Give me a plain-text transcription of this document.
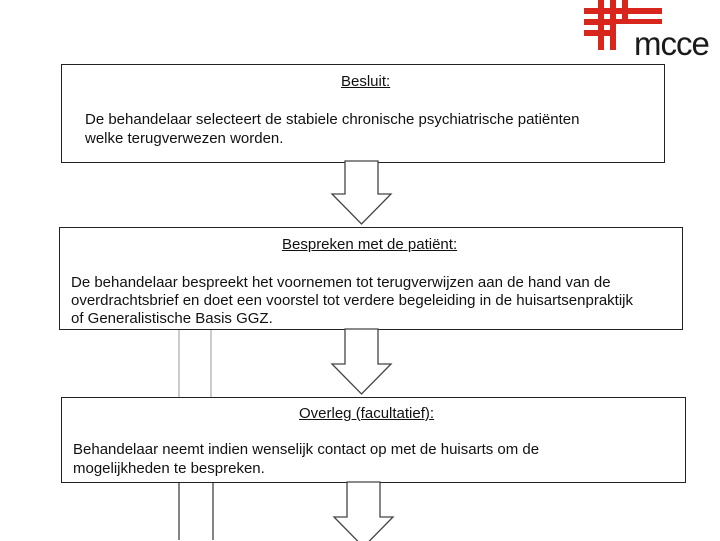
mcce
Besluit:
De behandelaar selecteert de stabiele chronische psychiatrische patiënten
welke terugverwezen worden.
Bespreken met de patiënt:
De behandelaar bespreekt het voornemen tot terugverwijzen aan de hand van de
overdrachtsbrief en doet een voorstel tot verdere begeleiding in de huisartsenpraktijk
of Generalistische Basis GGZ.
Overleg (facultatief):
Behandelaar neemt indien wenselijk contact op met de huisarts om de
mogelijkheden te bespreken.
